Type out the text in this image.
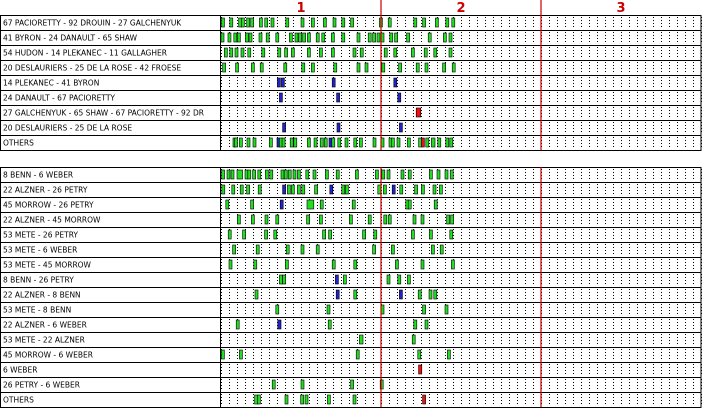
1	2	3
67 PACIORETTY - 92 DROUIN - 27 GALCHENYUK
41 BYRON - 24 DANAULT - 65 SHAW
54 HUDON - 14 PLEKANEC - 11 GALLAGHER
20 DESLAURIERS - 25 DE LA ROSE - 42 FROESE
14 PLEKANEC - 41 BYRON
24 DANAULT - 67 PACIORETTY
27 GALCHENYUK - 65 SHAW - 67 PACIORETTY - 92 DR
20 DESLAURIERS - 25 DE LA ROSE
OTHERS
8 BENN - 6 WEBER
22 ALZNER - 26 PETRY
45 MORROW - 26 PETRY
22 ALZNER - 45 MORROW
53 METE - 26 PETRY
53 METE - 6 WEBER
53 METE - 45 MORROW
8 BENN - 26 PETRY
22 ALZNER - 8 BENN
53 METE - 8 BENN
22 ALZNER - 6 WEBER
53 METE - 22 ALZNER
45 MORROW - 6 WEBER
6 WEBER
26 PETRY - 6 WEBER
OTHERS
